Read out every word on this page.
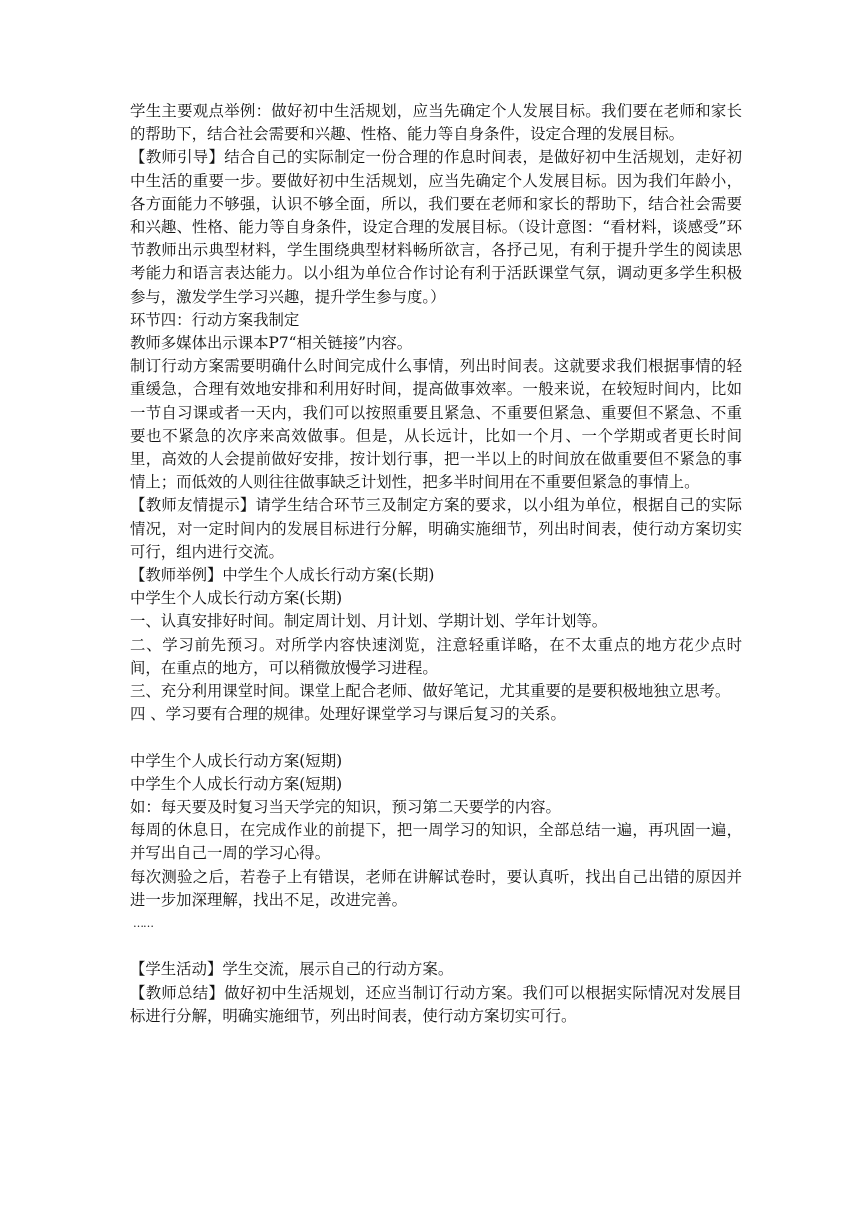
学生主要观点举例：做好初中生活规划，应当先确定个人发展目标。我们要在老师和家长的帮助下，结合社会需要和兴趣、性格、能力等自身条件，设定合理的发展目标。

【教师引导】结合自己的实际制定一份合理的作息时间表，是做好初中生活规划，走好初中生活的重要一步。要做好初中生活规划，应当先确定个人发展目标。因为我们年龄小，各方面能力不够强，认识不够全面，所以，我们要在老师和家长的帮助下，结合社会需要和兴趣、性格、能力等自身条件，设定合理的发展目标。（设计意图：“看材料，谈感受”环节教师出示典型材料，学生围绕典型材料畅所欲言，各抒己见，有利于提升学生的阅读思考能力和语言表达能力。以小组为单位合作讨论有利于活跃课堂气氛，调动更多学生积极参与，激发学生学习兴趣，提升学生参与度。）

环节四：行动方案我制定

教师多媒体出示课本P7“相关链接”内容。

制订行动方案需要明确什么时间完成什么事情，列出时间表。这就要求我们根据事情的轻重缓急，合理有效地安排和利用好时间，提高做事效率。一般来说，在较短时间内，比如一节自习课或者一天内，我们可以按照重要且紧急、不重要但紧急、重要但不紧急、不重要也不紧急的次序来高效做事。但是，从长远计，比如一个月、一个学期或者更长时间里，高效的人会提前做好安排，按计划行事，把一半以上的时间放在做重要但不紧急的事情上；而低效的人则往往做事缺乏计划性，把多半时间用在不重要但紧急的事情上。

【教师友情提示】请学生结合环节三及制定方案的要求，以小组为单位，根据自己的实际情况，对一定时间内的发展目标进行分解，明确实施细节，列出时间表，使行动方案切实可行，组内进行交流。

【教师举例】中学生个人成长行动方案(长期)

中学生个人成长行动方案(长期)

一、认真安排好时间。制定周计划、月计划、学期计划、学年计划等。

二、学习前先预习。对所学内容快速浏览，注意轻重详略，在不太重点的地方花少点时间，在重点的地方，可以稍微放慢学习进程。

三、充分利用课堂时间。课堂上配合老师、做好笔记，尤其重要的是要积极地独立思考。

四 、学习要有合理的规律。处理好课堂学习与课后复习的关系。

中学生个人成长行动方案(短期)

中学生个人成长行动方案(短期)

如：每天要及时复习当天学完的知识，预习第二天要学的内容。

每周的休息日，在完成作业的前提下，把一周学习的知识，全部总结一遍，再巩固一遍，并写出自己一周的学习心得。

每次测验之后，若卷子上有错误，老师在讲解试卷时，要认真听，找出自己出错的原因并进一步加深理解，找出不足，改进完善。

……

【学生活动】学生交流，展示自己的行动方案。

【教师总结】做好初中生活规划，还应当制订行动方案。我们可以根据实际情况对发展目标进行分解，明确实施细节，列出时间表，使行动方案切实可行。
